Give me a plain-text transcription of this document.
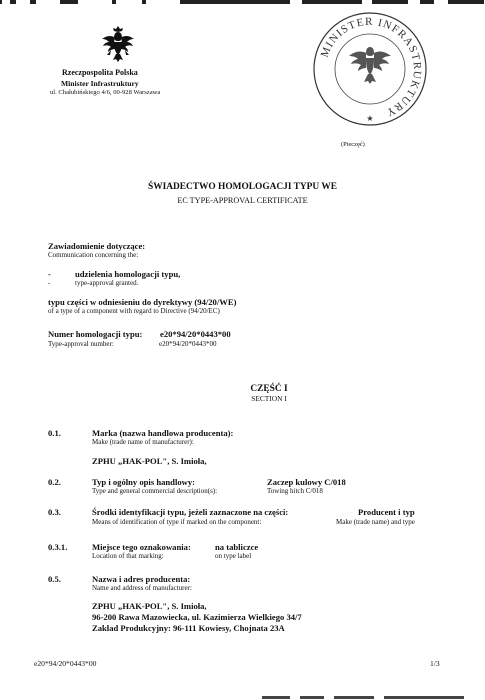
Rzeczpospolita Polska
Minister Infrastruktury
ul. Chałubińskiego 4/6, 00-928 Warszawa
MINISTER INFRASTRUKTURY
★
(Pieczęć)
ŚWIADECTWO HOMOLOGACJI TYPU WE
EC TYPE-APPROVAL CERTIFICATE
Zawiadomienie dotyczące:
Communication concerning the:
-	udzielenia homologacji typu,
-	type-approval granted.
typu części w odniesieniu do dyrektywy (94/20/WE)
of a type of a component with regard to Directive (94/20/EC)
Numer homologacji typu: e20*94/20*0443*00
Type-approval number:	e20*94/20*0443*00
CZĘŚĆ I
SECTION I
0.1.	Marka (nazwa handlowa producenta):
Make (trade name of manufacturer):
ZPHU „HAK-POL", S. Imioła,
0.2.	Typ i ogólny opis handlowy:	Zaczep kulowy C/018
Type and general commercial description(s):	Towing hitch C/018
0.3.	Środki identyfikacji typu, jeżeli zaznaczone na części:	Producent i typ
Means of identification of type if marked on the component:	Make (trade name) and type
0.3.1.	Miejsce tego oznakowania:	na tabliczce
Location of that marking:	on type label
0.5.	Nazwa i adres producenta:
Name and address of manufacturer:
ZPHU „HAK-POL", S. Imioła,
96-200 Rawa Mazowiecka, ul. Kazimierza Wielkiego 34/7
Zakład Produkcyjny: 96-111 Kowiesy, Chojnata 23A
e20*94/20*0443*00	1/3
